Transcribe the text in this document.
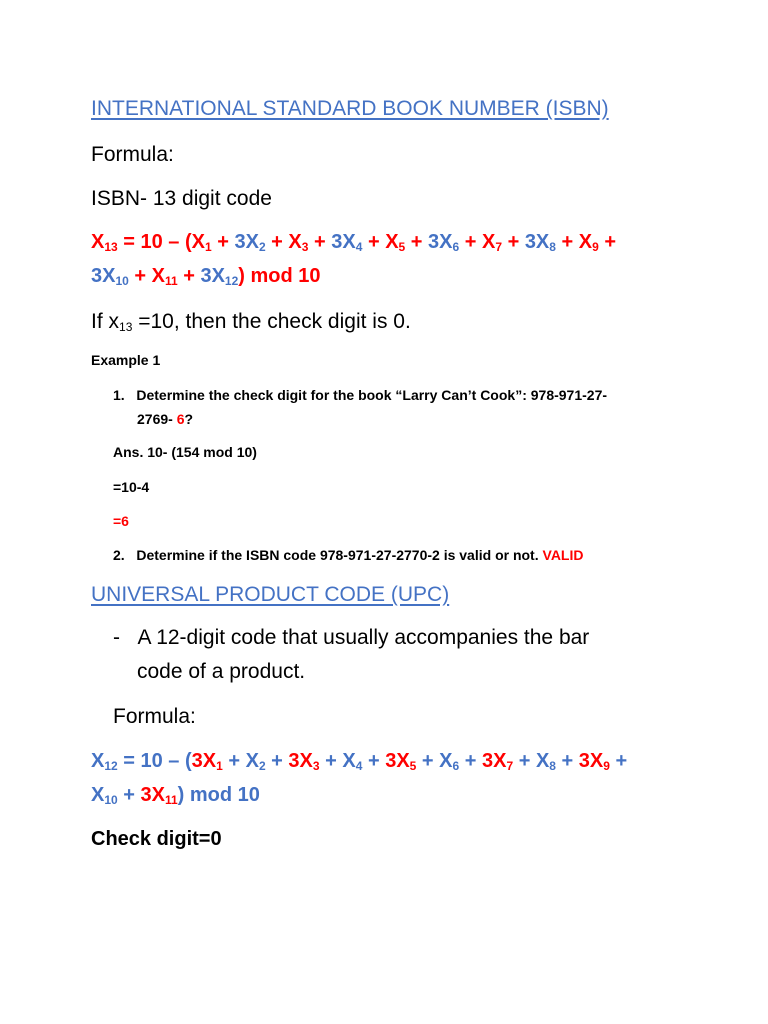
INTERNATIONAL STANDARD BOOK NUMBER (ISBN)
Formula:
ISBN- 13 digit code
$X_{13} = 10 - (X_1 + 3X_2 + X_3 + 3X_4 + X_5 + 3X_6 + X_7 + 3X_8 + X_9$ +
$3X_{10} + X_{11} + 3X_{12}$) mod 10
If $x_{13} =10$, then the check digit is 0.
Example 1
1. Determine the check digit for the book “Larry Can’t Cook”: 978-971-27-
2769- 6?
Ans. 10- (154 mod 10)
=10-4
=6
2. Determine if the ISBN code 978-971-27-2770-2 is valid or not. VALID
UNIVERSAL PRODUCT CODE (UPC)
- A 12-digit code that usually accompanies the bar
code of a product.
Formula:
$X_{12} = 10 - (3X_1 + X_2 + 3X_3 + X_4 + 3X_5 + X_6 + 3X_7 + X_8 + 3X_9$ +
$X_{10} + 3X_{11}$) mod 10
Check digit=0
